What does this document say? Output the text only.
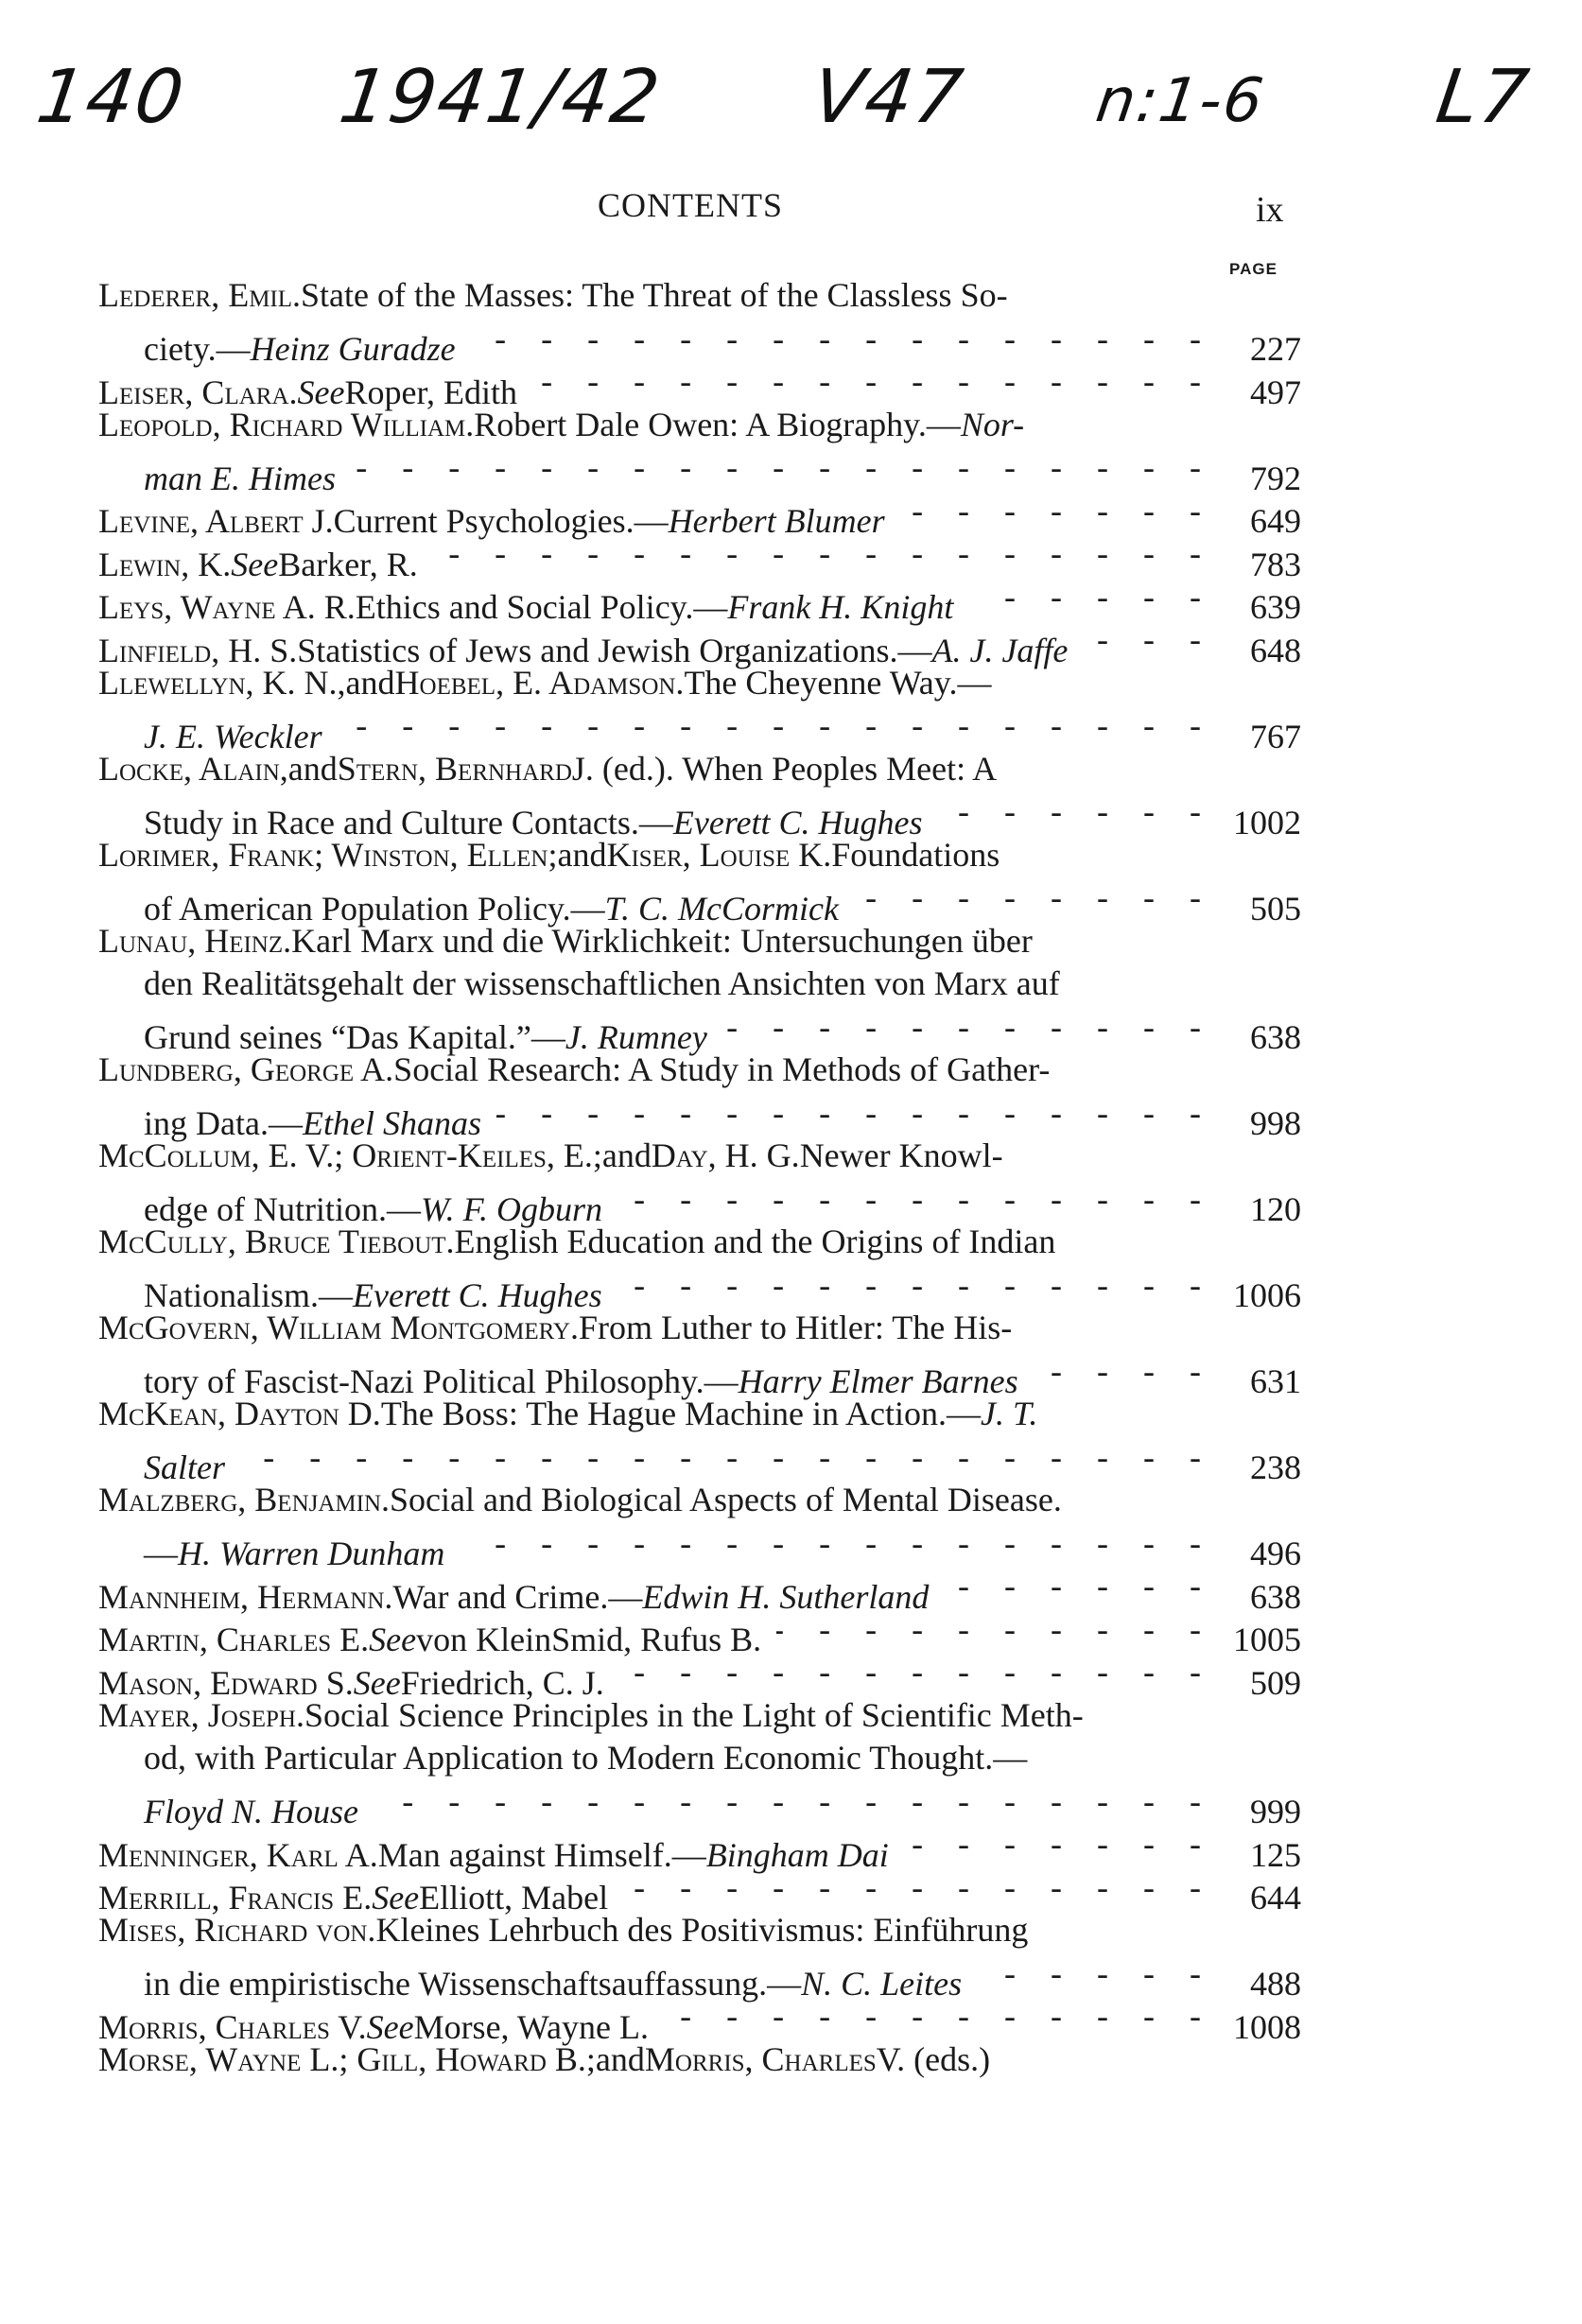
140 1941/42 V47 n:1-6 L7
CONTENTS	ix
PAGE
Lederer, Emil. State of the Masses: The Threat of the Classless So-
ciety.— Heinz Guradze - - -	227
Leiser, Clara. See Roper, Edith - - -	497
Leopold, Richard William. Robert Dale Owen: A Biography.— Nor-
man E. Himes - - -	792
Levine, Albert J. Current Psychologies.— Herbert Blumer - - -	649
Lewin, K. See Barker, R. - - -	783
Leys, Wayne A. R. Ethics and Social Policy.— Frank H. Knight - - -	639
Linfield, H. S. Statistics of Jews and Jewish Organizations.— A. J. Jaffe - - -	648
Llewellyn, K. N., and Hoebel, E. Adamson. The Cheyenne Way.—
J. E. Weckler - - -	767
Locke, Alain, and Stern, Bernhard J. (ed.). When Peoples Meet: A
Study in Race and Culture Contacts.— Everett C. Hughes - - -	1002
Lorimer, Frank; Winston, Ellen; and Kiser, Louise K. Foundations
of American Population Policy.— T. C. McCormick - - -	505
Lunau, Heinz. Karl Marx und die Wirklichkeit: Untersuchungen über
den Realitätsgehalt der wissenschaftlichen Ansichten von Marx auf
Grund seines “Das Kapital.”— J. Rumney - - -	638
Lundberg, George A. Social Research: A Study in Methods of Gather-
ing Data.— Ethel Shanas - - -	998
McCollum, E. V.; Orient-Keiles, E.; and Day, H. G. Newer Knowl-
edge of Nutrition.— W. F. Ogburn - - -	120
McCully, Bruce Tiebout. English Education and the Origins of Indian
Nationalism.— Everett C. Hughes - - -	1006
McGovern, William Montgomery. From Luther to Hitler: The His-
tory of Fascist-Nazi Political Philosophy.— Harry Elmer Barnes - - -	631
McKean, Dayton D. The Boss: The Hague Machine in Action.— J. T.
Salter - - -	238
Malzberg, Benjamin. Social and Biological Aspects of Mental Disease.
— H. Warren Dunham - - -	496
Mannheim, Hermann. War and Crime.— Edwin H. Sutherland - - -	638
Martin, Charles E. See von KleinSmid, Rufus B. - - -	1005
Mason, Edward S. See Friedrich, C. J. - - -	509
Mayer, Joseph. Social Science Principles in the Light of Scientific Meth-
od, with Particular Application to Modern Economic Thought.—
Floyd N. House - - -	999
Menninger, Karl A. Man against Himself.— Bingham Dai - - -	125
Merrill, Francis E. See Elliott, Mabel - - -	644
Mises, Richard von. Kleines Lehrbuch des Positivismus: Einführung
in die empiristische Wissenschaftsauffassung.— N. C. Leites - - -	488
Morris, Charles V. See Morse, Wayne L. - - -	1008
Morse, Wayne L.; Gill, Howard B.; and Morris, Charles V. (eds.)
